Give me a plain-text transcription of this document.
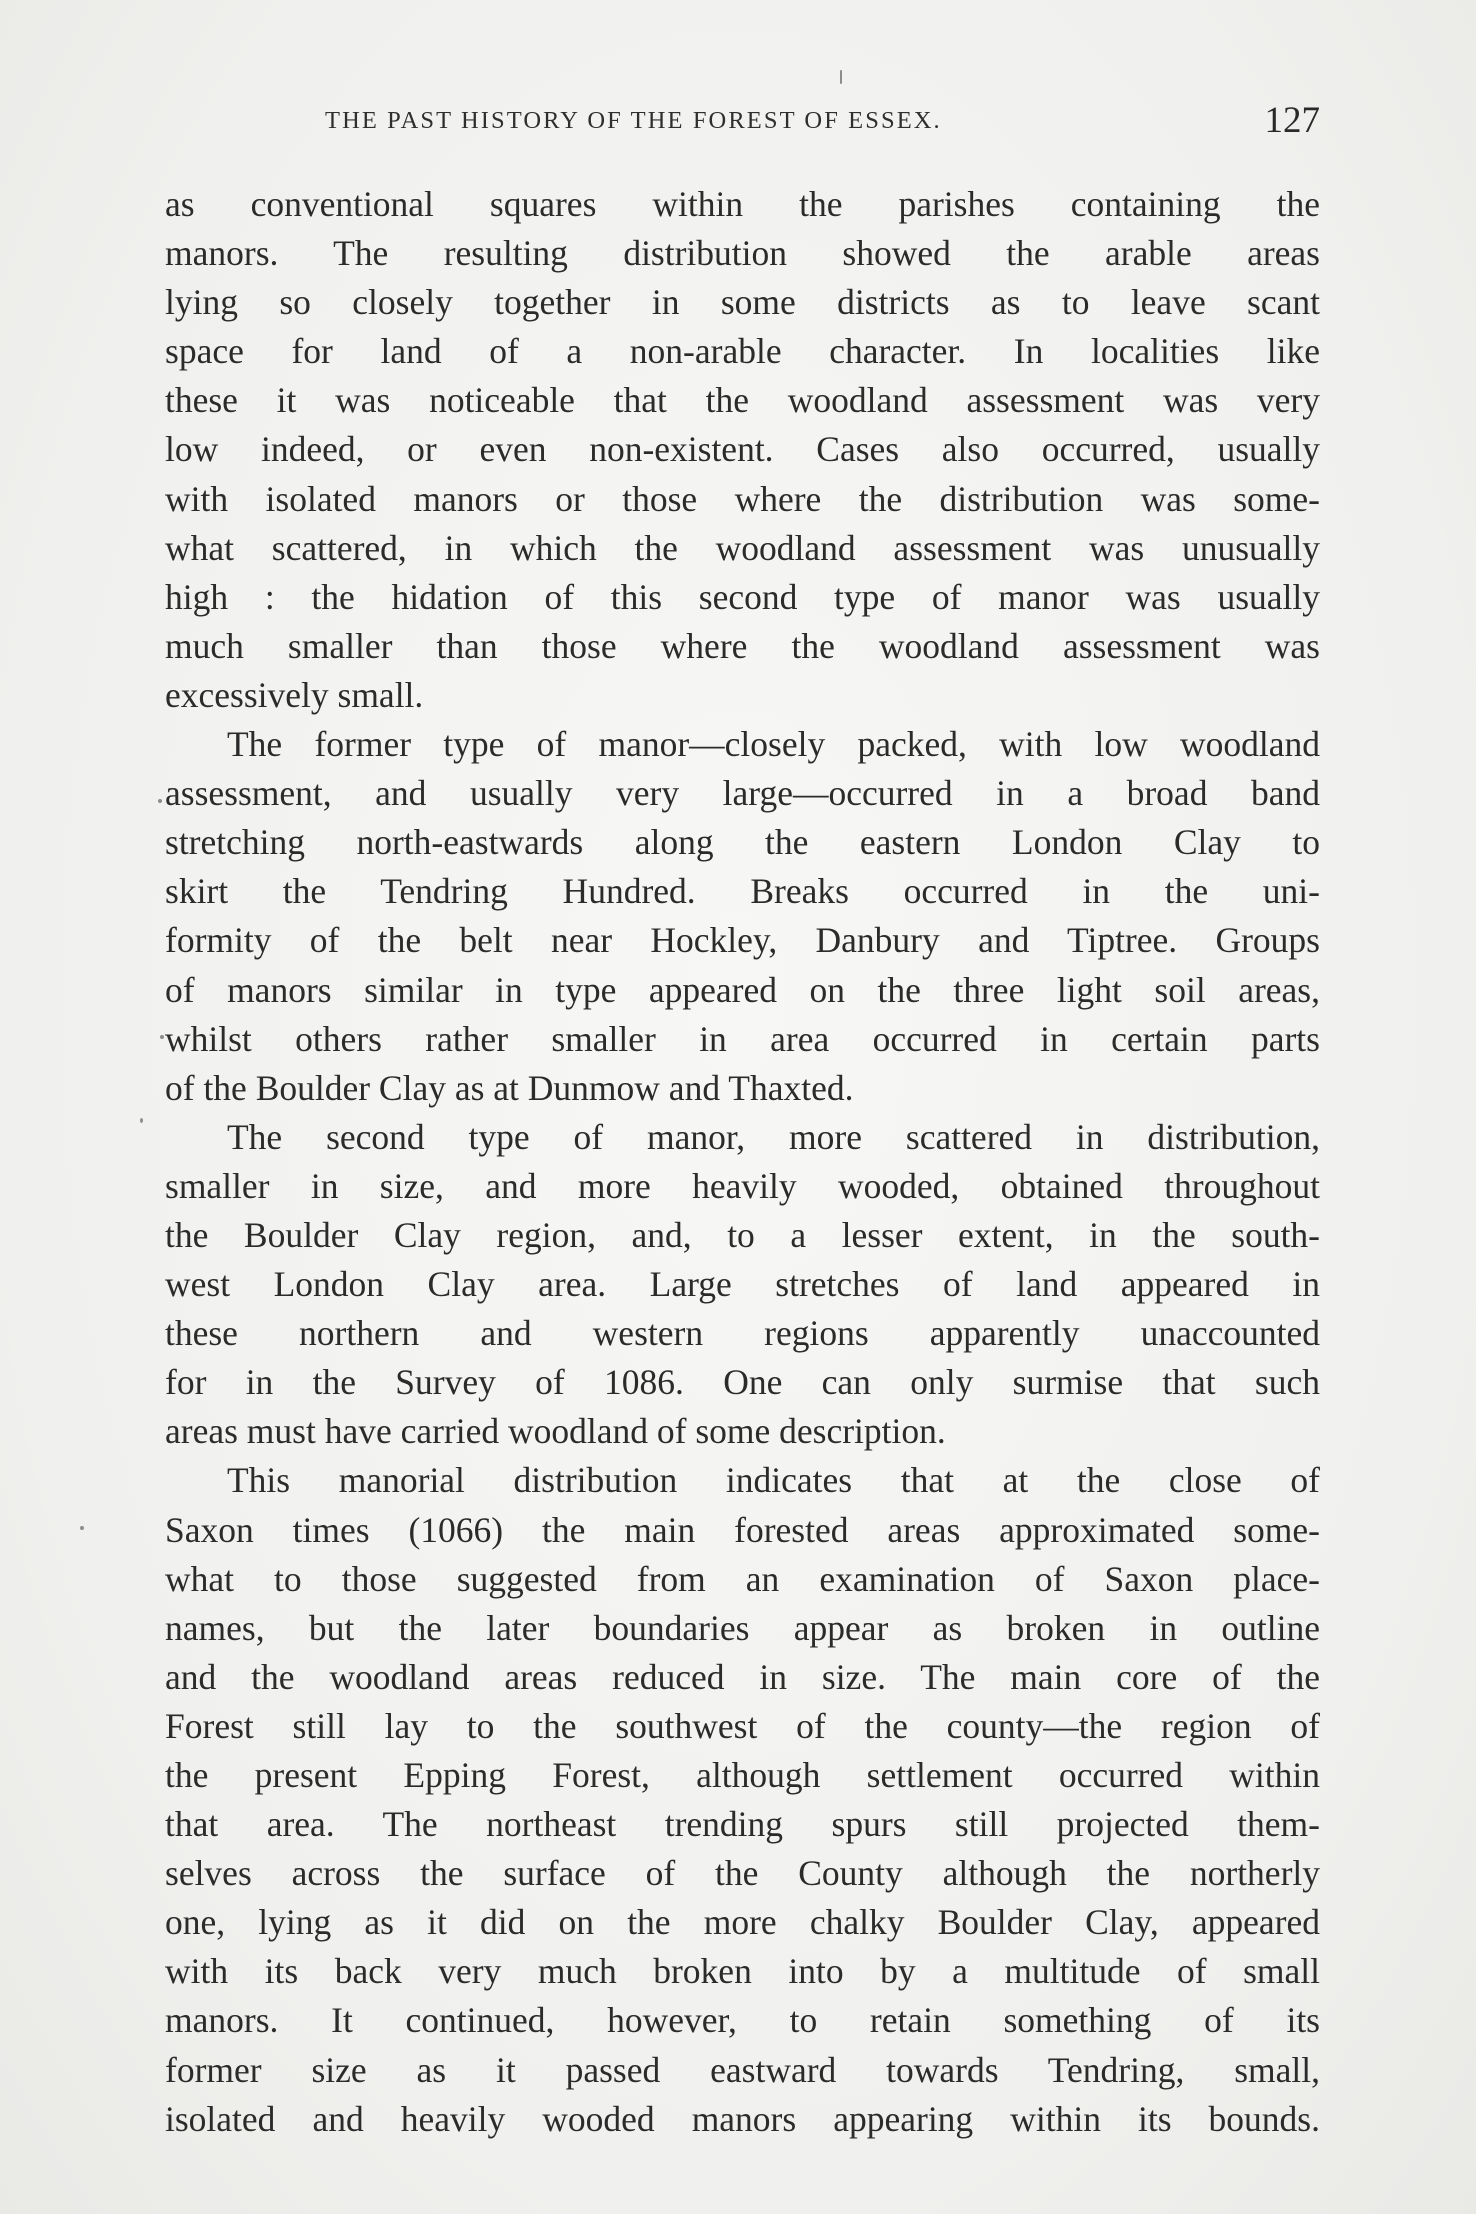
THE PAST HISTORY OF THE FOREST OF ESSEX.	127
as conventional squares within the parishes containing the
manors. The resulting distribution showed the arable areas
lying so closely together in some districts as to leave scant
space for land of a non-arable character. In localities like
these it was noticeable that the woodland assessment was very
low indeed, or even non-existent. Cases also occurred, usually
with isolated manors or those where the distribution was some-
what scattered, in which the woodland assessment was unusually
high : the hidation of this second type of manor was usually
much smaller than those where the woodland assessment was
excessively small.
The former type of manor—closely packed, with low woodland
assessment, and usually very large—occurred in a broad band
stretching north-eastwards along the eastern London Clay to
skirt the Tendring Hundred. Breaks occurred in the uni-
formity of the belt near Hockley, Danbury and Tiptree. Groups
of manors similar in type appeared on the three light soil areas,
whilst others rather smaller in area occurred in certain parts
of the Boulder Clay as at Dunmow and Thaxted.
The second type of manor, more scattered in distribution,
smaller in size, and more heavily wooded, obtained throughout
the Boulder Clay region, and, to a lesser extent, in the south-
west London Clay area. Large stretches of land appeared in
these northern and western regions apparently unaccounted
for in the Survey of 1086. One can only surmise that such
areas must have carried woodland of some description.
This manorial distribution indicates that at the close of
Saxon times (1066) the main forested areas approximated some-
what to those suggested from an examination of Saxon place-
names, but the later boundaries appear as broken in outline
and the woodland areas reduced in size. The main core of the
Forest still lay to the southwest of the county—the region of
the present Epping Forest, although settlement occurred within
that area. The northeast trending spurs still projected them-
selves across the surface of the County although the northerly
one, lying as it did on the more chalky Boulder Clay, appeared
with its back very much broken into by a multitude of small
manors. It continued, however, to retain something of its
former size as it passed eastward towards Tendring, small,
isolated and heavily wooded manors appearing within its bounds.
